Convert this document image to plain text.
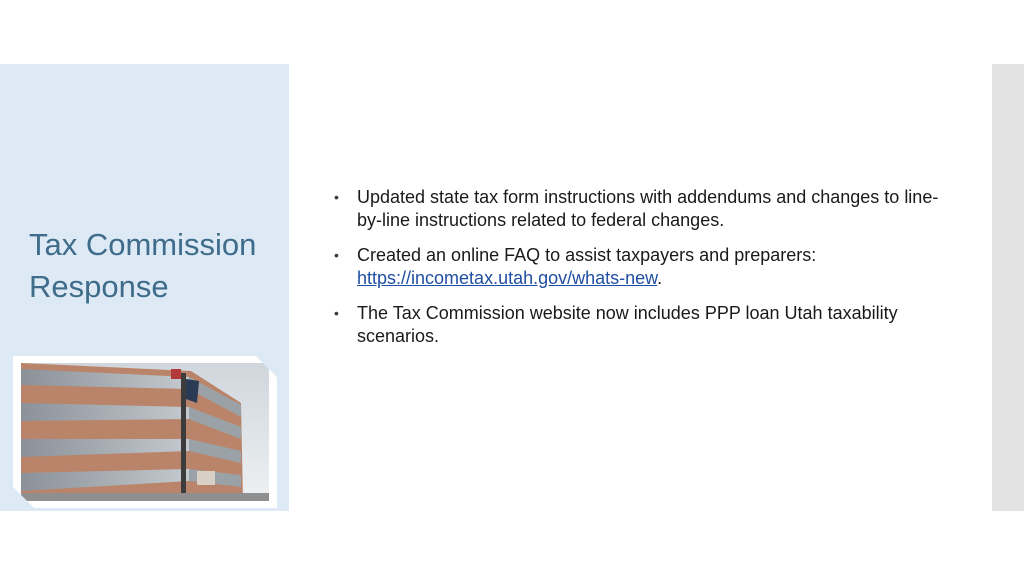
Tax Commission Response
• Updated state tax form instructions with addendums and changes to line-by-line instructions related to federal changes.
• Created an online FAQ to assist taxpayers and preparers: https://incometax.utah.gov/whats-new.
• The Tax Commission website now includes PPP loan Utah taxability scenarios.
